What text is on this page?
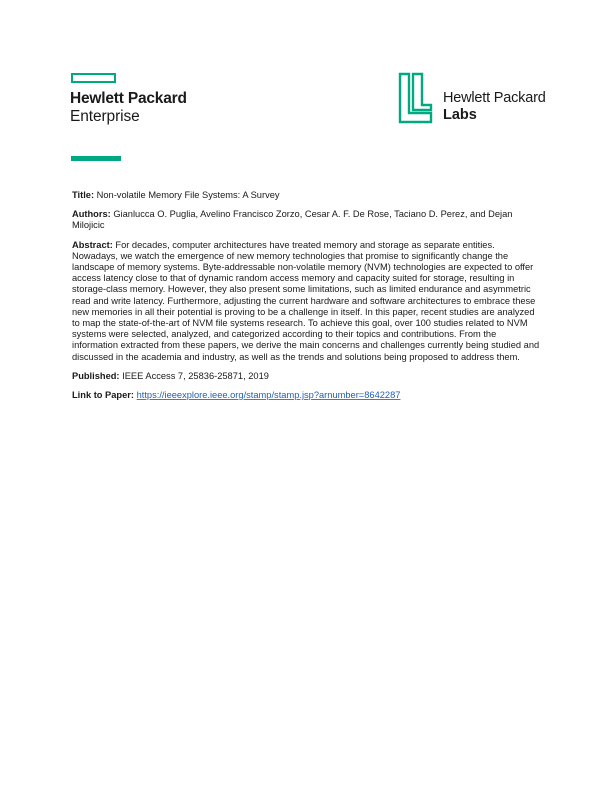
Hewlett Packard
Enterprise
Hewlett Packard
Labs

Title: Non-volatile Memory File Systems: A Survey

Authors: Gianlucca O. Puglia, Avelino Francisco Zorzo, Cesar A. F. De Rose, Taciano D. Perez, and Dejan Milojicic

Abstract: For decades, computer architectures have treated memory and storage as separate entities. Nowadays, we watch the emergence of new memory technologies that promise to significantly change the landscape of memory systems. Byte-addressable non-volatile memory (NVM) technologies are expected to offer access latency close to that of dynamic random access memory and capacity suited for storage, resulting in storage-class memory. However, they also present some limitations, such as limited endurance and asymmetric read and write latency. Furthermore, adjusting the current hardware and software architectures to embrace these new memories in all their potential is proving to be a challenge in itself. In this paper, recent studies are analyzed to map the state-of-the-art of NVM file systems research. To achieve this goal, over 100 studies related to NVM systems were selected, analyzed, and categorized according to their topics and contributions. From the information extracted from these papers, we derive the main concerns and challenges currently being studied and discussed in the academia and industry, as well as the trends and solutions being proposed to address them.

Published: IEEE Access 7, 25836-25871, 2019

Link to Paper: https://ieeexplore.ieee.org/stamp/stamp.jsp?arnumber=8642287
